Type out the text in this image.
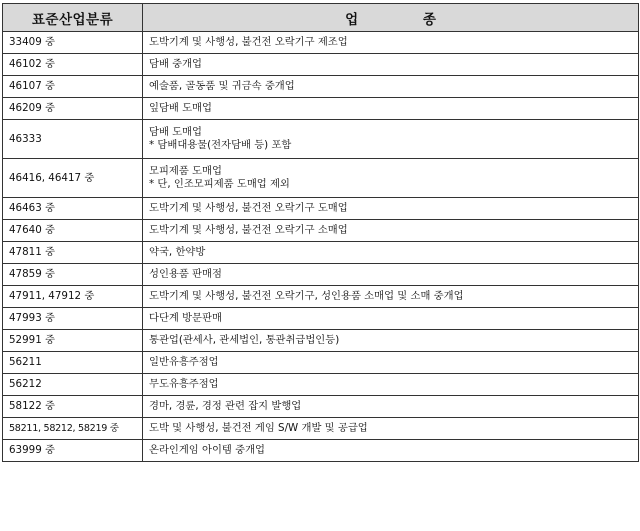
표준산업분류	업 종
33409 중	도박기계 및 사행성, 불건전 오락기구 제조업

46102 중	담배 중개업

46107 중	예술품, 골동품 및 귀금속 중개업

46209 중	잎담배 도매업

46333	담배 도매업
* 담배대용물(전자담배 등) 포함

46416, 46417 중	모피제품 도매업
* 단, 인조모피제품 도매업 제외

46463 중	도박기계 및 사행성, 불건전 오락기구 도매업

47640 중	도박기계 및 사행성, 불건전 오락기구 소매업

47811 중	약국, 한약방

47859 중	성인용품 판매점

47911, 47912 중	도박기계 및 사행성, 불건전 오락기구, 성인용품 소매업 및 소매 중개업

47993 중	다단계 방문판매

52991 중	통관업(관세사, 관세법인, 통관취급법인등)

56211	일반유흥주점업

56212	무도유흥주점업

58122 중	경마, 경륜, 경정 관련 잡지 발행업

58211, 58212, 58219 중	도박 및 사행성, 불건전 게임 S/W 개발 및 공급업

63999 중	온라인게임 아이템 중개업
